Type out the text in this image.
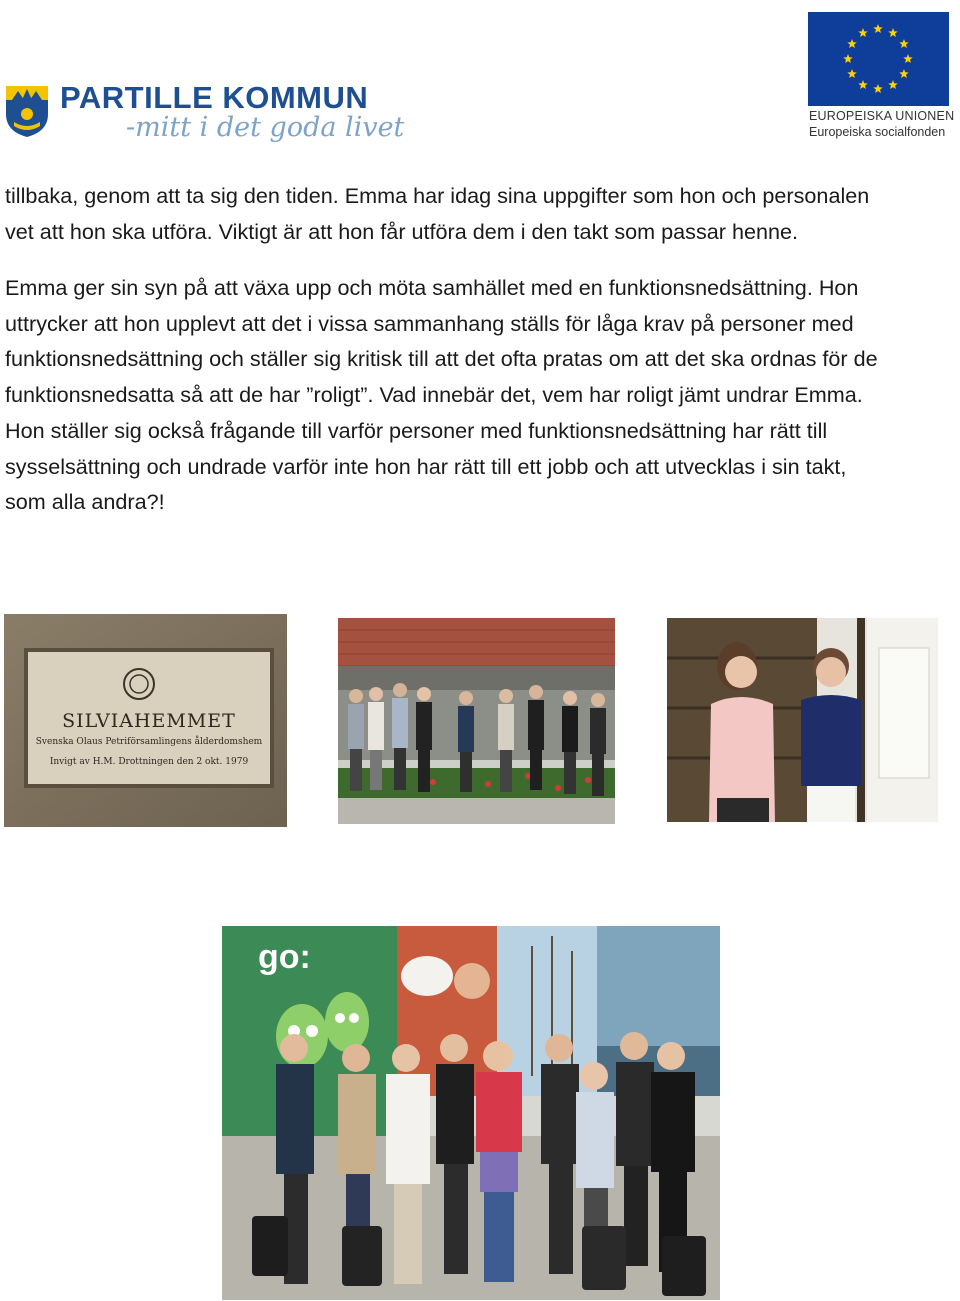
PARTILLE KOMMUN
-mitt i det goda livet	EUROPEISKA UNIONEN
Europeiska socialfonden

tillbaka, genom att ta sig den tiden. Emma har idag sina uppgifter som hon och personalen
vet att hon ska utföra. Viktigt är att hon får utföra dem i den takt som passar henne.

Emma ger sin syn på att växa upp och möta samhället med en funktionsnedsättning. Hon
uttrycker att hon upplevt att det i vissa sammanhang ställs för låga krav på personer med
funktionsnedsättning och ställer sig kritisk till att det ofta pratas om att det ska ordnas för de
funktionsnedsatta så att de har ”roligt”. Vad innebär det, vem har roligt jämt undrar Emma.
Hon ställer sig också frågande till varför personer med funktionsnedsättning har rätt till
sysselsättning och undrade varför inte hon har rätt till ett jobb och att utvecklas i sin takt,
som alla andra?!

SILVIAHEMMET
Svenska Olaus Petriförsamlingens ålderdomshem
Invigt av H.M. Drottningen den 2 okt. 1979
go:
